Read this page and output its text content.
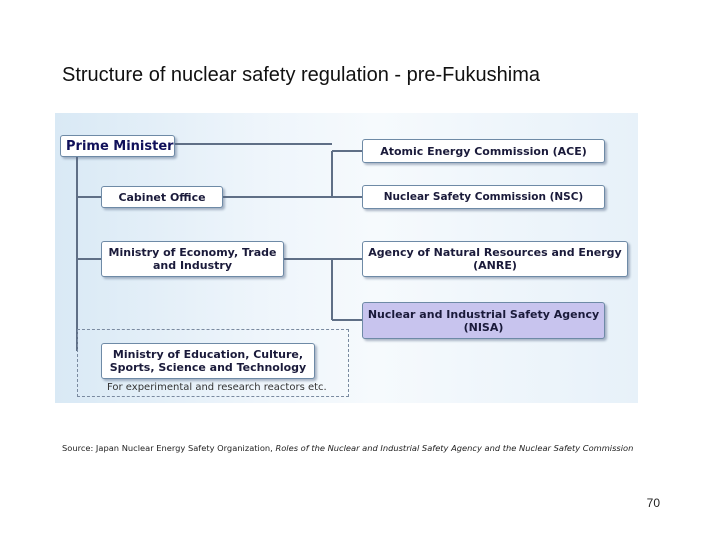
Structure of nuclear safety regulation - pre-Fukushima
Prime Minister
Cabinet Office
Ministry of Economy, Trade
and Industry
Ministry of Education, Culture,
Sports, Science and Technology
For experimental and research reactors etc.
Atomic Energy Commission (ACE)
Nuclear Safety Commission (NSC)
Agency of Natural Resources and Energy
(ANRE)
Nuclear and Industrial Safety Agency
(NISA)
Source: Japan Nuclear Energy Safety Organization, Roles of the Nuclear and Industrial Safety Agency and the Nuclear Safety Commission
70
